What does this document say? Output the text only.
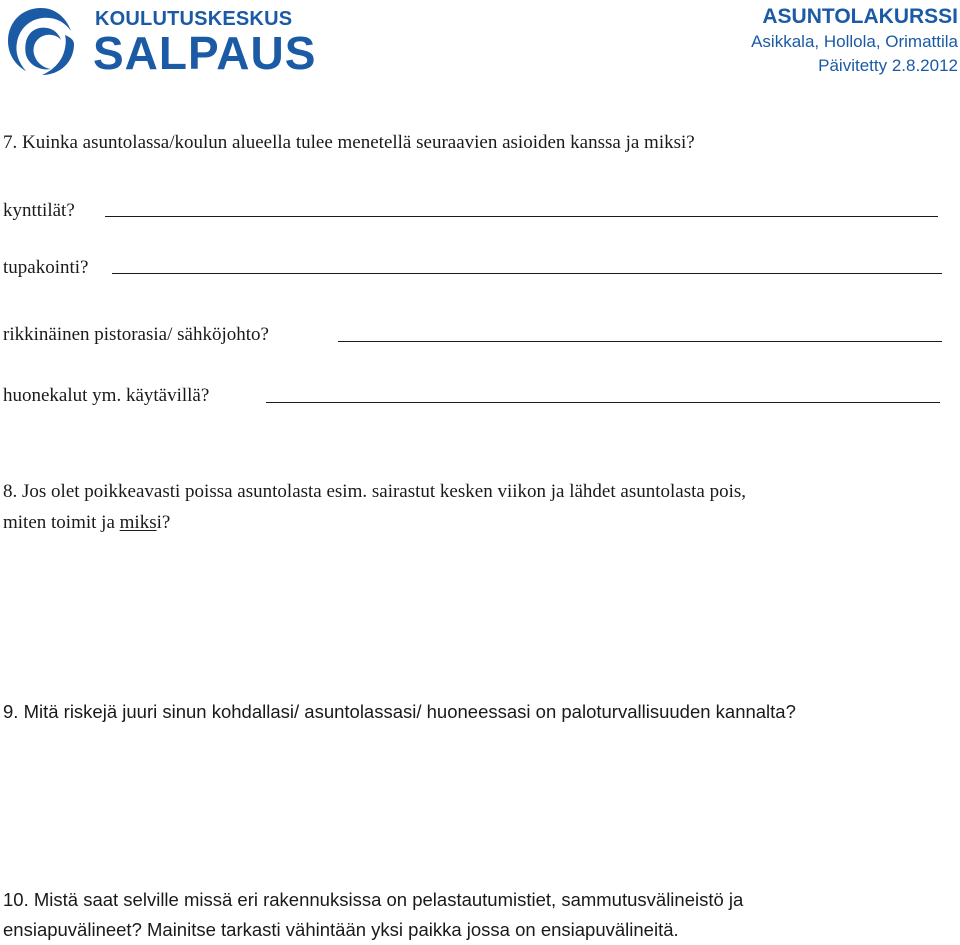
KOULUTUSKESKUS
SALPAUS
ASUNTOLAKURSSI
Asikkala, Hollola, Orimattila
Päivitetty 2.8.2012
7. Kuinka asuntolassa/koulun alueella tulee menetellä seuraavien asioiden kanssa ja miksi?
kynttilät?
tupakointi?
rikkinäinen pistorasia/ sähköjohto?
huonekalut ym. käytävillä?
8. Jos olet poikkeavasti poissa asuntolasta esim. sairastut kesken viikon ja lähdet asuntolasta pois,
miten toimit ja miksi?
9. Mitä riskejä juuri sinun kohdallasi/ asuntolassasi/ huoneessasi on paloturvallisuuden kannalta?
10. Mistä saat selville missä eri rakennuksissa on pelastautumistiet, sammutusvälineistö ja
ensiapuvälineet? Mainitse tarkasti vähintään yksi paikka jossa on ensiapuvälineitä.
